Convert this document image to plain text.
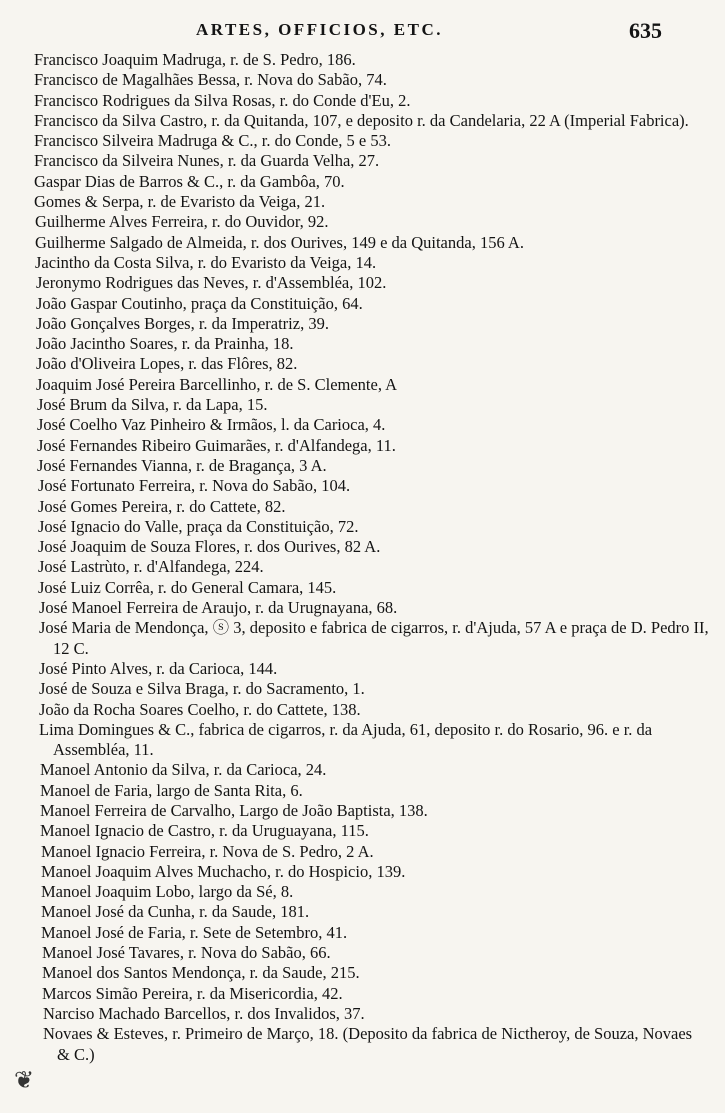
ARTES, OFFICIOS, ETC.	635
Francisco Joaquim Madruga, r. de S. Pedro, 186.
Francisco de Magalhães Bessa, r. Nova do Sabão, 74.
Francisco Rodrigues da Silva Rosas, r. do Conde d'Eu, 2.
Francisco da Silva Castro, r. da Quitanda, 107, e deposito r. da Candelaria, 22 A (Imperial Fabrica).
Francisco Silveira Madruga & C., r. do Conde, 5 e 53.
Francisco da Silveira Nunes, r. da Guarda Velha, 27.
Gaspar Dias de Barros & C., r. da Gambôa, 70.
Gomes & Serpa, r. de Evaristo da Veiga, 21.
Guilherme Alves Ferreira, r. do Ouvidor, 92.
Guilherme Salgado de Almeida, r. dos Ourives, 149 e da Quitanda, 156 A.
Jacintho da Costa Silva, r. do Evaristo da Veiga, 14.
Jeronymo Rodrigues das Neves, r. d'Assembléa, 102.
João Gaspar Coutinho, praça da Constituição, 64.
João Gonçalves Borges, r. da Imperatriz, 39.
João Jacintho Soares, r. da Prainha, 18.
João d'Oliveira Lopes, r. das Flôres, 82.
Joaquim José Pereira Barcellinho, r. de S. Clemente, A
José Brum da Silva, r. da Lapa, 15.
José Coelho Vaz Pinheiro & Irmãos, l. da Carioca, 4.
José Fernandes Ribeiro Guimarães, r. d'Alfandega, 11.
José Fernandes Vianna, r. de Bragança, 3 A.
José Fortunato Ferreira, r. Nova do Sabão, 104.
José Gomes Pereira, r. do Cattete, 82.
José Ignacio do Valle, praça da Constituição, 72.
José Joaquim de Souza Flores, r. dos Ourives, 82 A.
José Lastrùto, r. d'Alfandega, 224.
José Luiz Corrêa, r. do General Camara, 145.
José Manoel Ferreira de Araujo, r. da Urugnayana, 68.
José Maria de Mendonça, ⓢ 3, deposito e fabrica de cigarros, r. d'Ajuda, 57 A e praça de D. Pedro II, 12 C.
José Pinto Alves, r. da Carioca, 144.
José de Souza e Silva Braga, r. do Sacramento, 1.
João da Rocha Soares Coelho, r. do Cattete, 138.
Lima Domingues & C., fabrica de cigarros, r. da Ajuda, 61, deposito r. do Rosario, 96. e r. da Assembléa, 11.
Manoel Antonio da Silva, r. da Carioca, 24.
Manoel de Faria, largo de Santa Rita, 6.
Manoel Ferreira de Carvalho, Largo de João Baptista, 138.
Manoel Ignacio de Castro, r. da Uruguayana, 115.
Manoel Ignacio Ferreira, r. Nova de S. Pedro, 2 A.
Manoel Joaquim Alves Muchacho, r. do Hospicio, 139.
Manoel Joaquim Lobo, largo da Sé, 8.
Manoel José da Cunha, r. da Saude, 181.
Manoel José de Faria, r. Sete de Setembro, 41.
Manoel José Tavares, r. Nova do Sabão, 66.
Manoel dos Santos Mendonça, r. da Saude, 215.
Marcos Simão Pereira, r. da Misericordia, 42.
Narciso Machado Barcellos, r. dos Invalidos, 37.
Novaes & Esteves, r. Primeiro de Março, 18. (Deposito da fabrica de Nictheroy, de Souza, Novaes & C.)
❦
